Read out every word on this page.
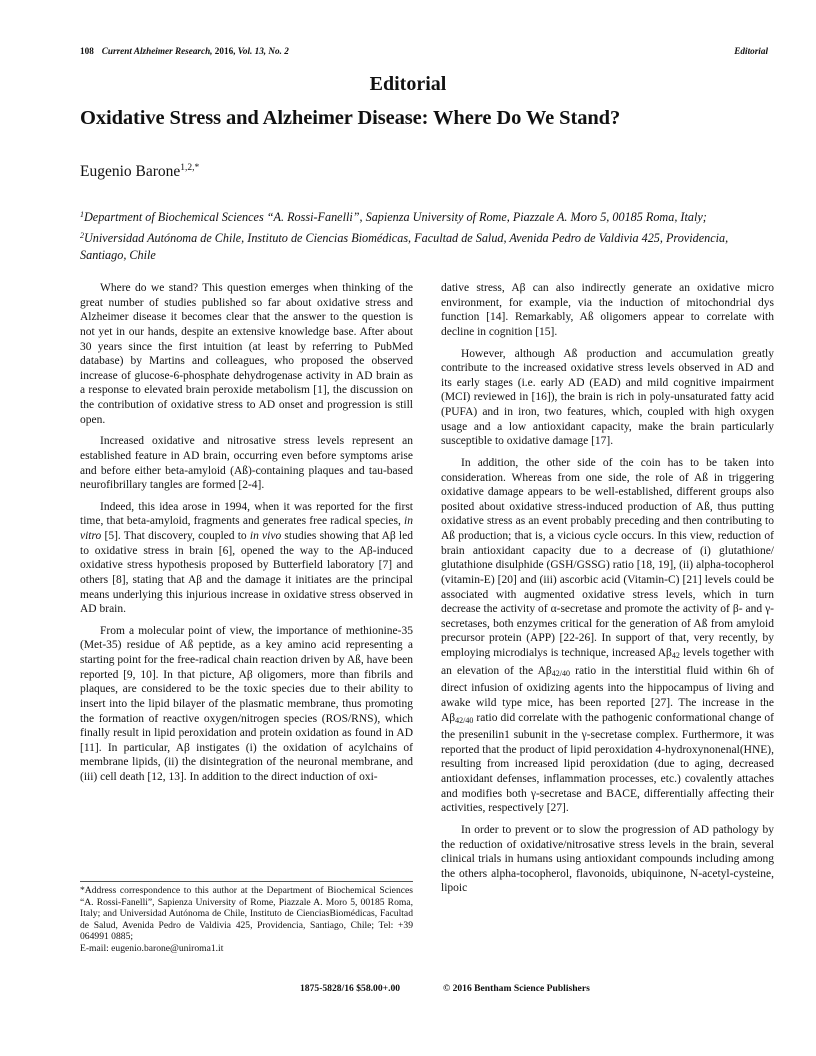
108 Current Alzheimer Research, 2016, Vol. 13, No. 2	Editorial
Editorial
Oxidative Stress and Alzheimer Disease: Where Do We Stand?
Eugenio Barone$^{1,2,*}$
$^1$Department of Biochemical Sciences “A. Rossi-Fanelli”, Sapienza University of Rome, Piazzale A. Moro 5, 00185 Roma, Italy; $^2$Universidad Autónoma de Chile, Instituto de Ciencias Biomédicas, Facultad de Salud, Avenida Pedro de Valdivia 425, Providencia, Santiago, Chile

Where do we stand? This question emerges when thinking of the great number of studies published so far about oxidative stress and Alzheimer disease it becomes clear that the answer to the question is not yet in our hands, despite an extensive knowledge base. After about 30 years since the first intuition (at least by referring to PubMed database) by Martins and colleagues, who proposed the observed increase of glucose-6-phosphate dehydrogenase activity in AD brain as a response to elevated brain peroxide metabolism [1], the discussion on the contribution of oxidative stress to AD onset and progression is still open.

Increased oxidative and nitrosative stress levels represent an established feature in AD brain, occurring even before symptoms arise and before either beta-amyloid (Aß)-containing plaques and tau-based neurofibrillary tangles are formed [2-4].

Indeed, this idea arose in 1994, when it was reported for the first time, that beta-amyloid, fragments and generates free radical species, in vitro [5]. That discovery, coupled to in vivo studies showing that Aβ led to oxidative stress in brain [6], opened the way to the Aβ-induced oxidative stress hypothesis proposed by Butterfield laboratory [7] and others [8], stating that Aβ and the damage it initiates are the principal means underlying this injurious increase in oxidative stress observed in AD brain.

From a molecular point of view, the importance of methionine-35 (Met-35) residue of Aß peptide, as a key amino acid representing a starting point for the free-radical chain reaction driven by Aß, have been reported [9, 10]. In that picture, Aβ oligomers, more than fibrils and plaques, are considered to be the toxic species due to their ability to insert into the lipid bilayer of the plasmatic membrane, thus promoting the formation of reactive oxygen/nitrogen species (ROS/RNS), which finally result in lipid peroxidation and protein oxidation as found in AD [11]. In particular, Aβ instigates (i) the oxidation of acylchains of membrane lipids, (ii) the disintegration of the neuronal membrane, and (iii) cell death [12, 13]. In addition to the direct induction of oxi-

dative stress, Aβ can also indirectly generate an oxidative micro environment, for example, via the induction of mitochondrial dys function [14]. Remarkably, Aß oligomers appear to correlate with decline in cognition [15].

However, although Aß production and accumulation greatly contribute to the increased oxidative stress levels observed in AD and its early stages (i.e. early AD (EAD) and mild cognitive impairment (MCI) reviewed in [16]), the brain is rich in poly-unsaturated fatty acid (PUFA) and in iron, two features, which, coupled with high oxygen usage and a low antioxidant capacity, make the brain particularly susceptible to oxidative damage [17].

In addition, the other side of the coin has to be taken into consideration. Whereas from one side, the role of Aß in triggering oxidative damage appears to be well-established, different groups also posited about oxidative stress-induced production of Aß, thus putting oxidative stress as an event probably preceding and then contributing to Aß production; that is, a vicious cycle occurs. In this view, reduction of brain antioxidant capacity due to a decrease of (i) glutathione/ glutathione disulphide (GSH/GSSG) ratio [18, 19], (ii) alpha-tocopherol (vitamin-E) [20] and (iii) ascorbic acid (Vitamin-C) [21] levels could be associated with augmented oxidative stress levels, which in turn decrease the activity of α-secretase and promote the activity of β- and γ-secretases, both enzymes critical for the generation of Aß from amyloid precursor protein (APP) [22-26]. In support of that, very recently, by employing microdialys is technique, increased $A\beta_{42}$ levels together with an elevation of the $A\beta_{42/40}$ ratio in the interstitial fluid within 6h of direct infusion of oxidizing agents into the hippocampus of living and awake wild type mice, has been reported [27]. The increase in the $A\beta_{42/40}$ ratio did correlate with the pathogenic conformational change of the presenilin1 subunit in the γ-secretase complex. Furthermore, it was reported that the product of lipid peroxidation 4-hydroxynonenal(HNE), resulting from increased lipid peroxidation (due to aging, decreased antioxidant defenses, inflammation processes, etc.) covalently attaches and modifies both γ-secretase and BACE, differentially affecting their activities, respectively [27].

In order to prevent or to slow the progression of AD pathology by the reduction of oxidative/nitrosative stress levels in the brain, several clinical trials in humans using antioxidant compounds including among the others alpha-tocopherol, flavonoids, ubiquinone, N-acetyl-cysteine, lipoic

*Address correspondence to this author at the Department of Biochemical Sciences “A. Rossi-Fanelli”, Sapienza University of Rome, Piazzale A. Moro 5, 00185 Roma, Italy; and Universidad Autónoma de Chile, Instituto de CienciasBiomédicas, Facultad de Salud, Avenida Pedro de Valdivia 425, Providencia, Santiago, Chile; Tel: +39 064991 0885;
E-mail: eugenio.barone@uniroma1.it
1875-5828/16 $58.00+.00	© 2016 Bentham Science Publishers
